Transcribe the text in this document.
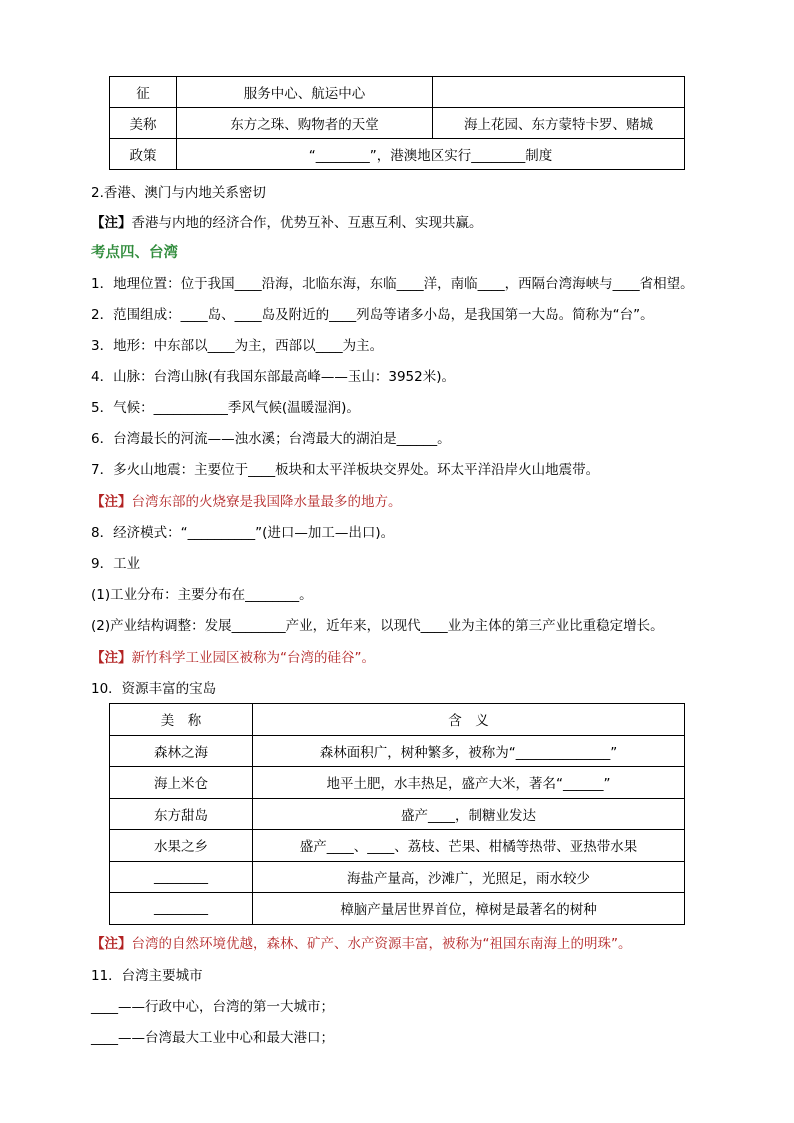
征	服务中心、航运中心	
美称	东方之珠、购物者的天堂	海上花园、东方蒙特卡罗、赌城
政策	“________”，港澳地区实行________制度	
2.香港、澳门与内地关系密切
【注】香港与内地的经济合作，优势互补、互惠互利、实现共赢。
考点四、台湾
1．地理位置：位于我国____沿海，北临东海，东临____洋，南临____，西隔台湾海峡与____省相望。
2．范围组成：____岛、____岛及附近的____列岛等诸多小岛，是我国第一大岛。简称为“台”。
3．地形：中东部以____为主，西部以____为主。
4．山脉：台湾山脉(有我国东部最高峰——玉山：3952米)。
5．气候：___________季风气候(温暖湿润)。
6．台湾最长的河流——浊水溪；台湾最大的湖泊是______。
7．多火山地震：主要位于____板块和太平洋板块交界处。环太平洋沿岸火山地震带。
【注】台湾东部的火烧寮是我国降水量最多的地方。
8．经济模式：“__________”(进口—加工—出口)。
9．工业
(1)工业分布：主要分布在________。
(2)产业结构调整：发展________产业，近年来，以现代____业为主体的第三产业比重稳定增长。
【注】新竹科学工业园区被称为“台湾的硅谷”。
10．资源丰富的宝岛
美　称	含　义
森林之海	森林面积广，树种繁多，被称为“______________”
海上米仓	地平土肥，水丰热足，盛产大米，著名“______”
东方甜岛	盛产____，制糖业发达
水果之乡	盛产____、____、荔枝、芒果、柑橘等热带、亚热带水果
________	海盐产量高，沙滩广，光照足，雨水较少
________	樟脑产量居世界首位，樟树是最著名的树种
【注】台湾的自然环境优越，森林、矿产、水产资源丰富，被称为“祖国东南海上的明珠”。
11．台湾主要城市
____——行政中心，台湾的第一大城市；
____——台湾最大工业中心和最大港口；
